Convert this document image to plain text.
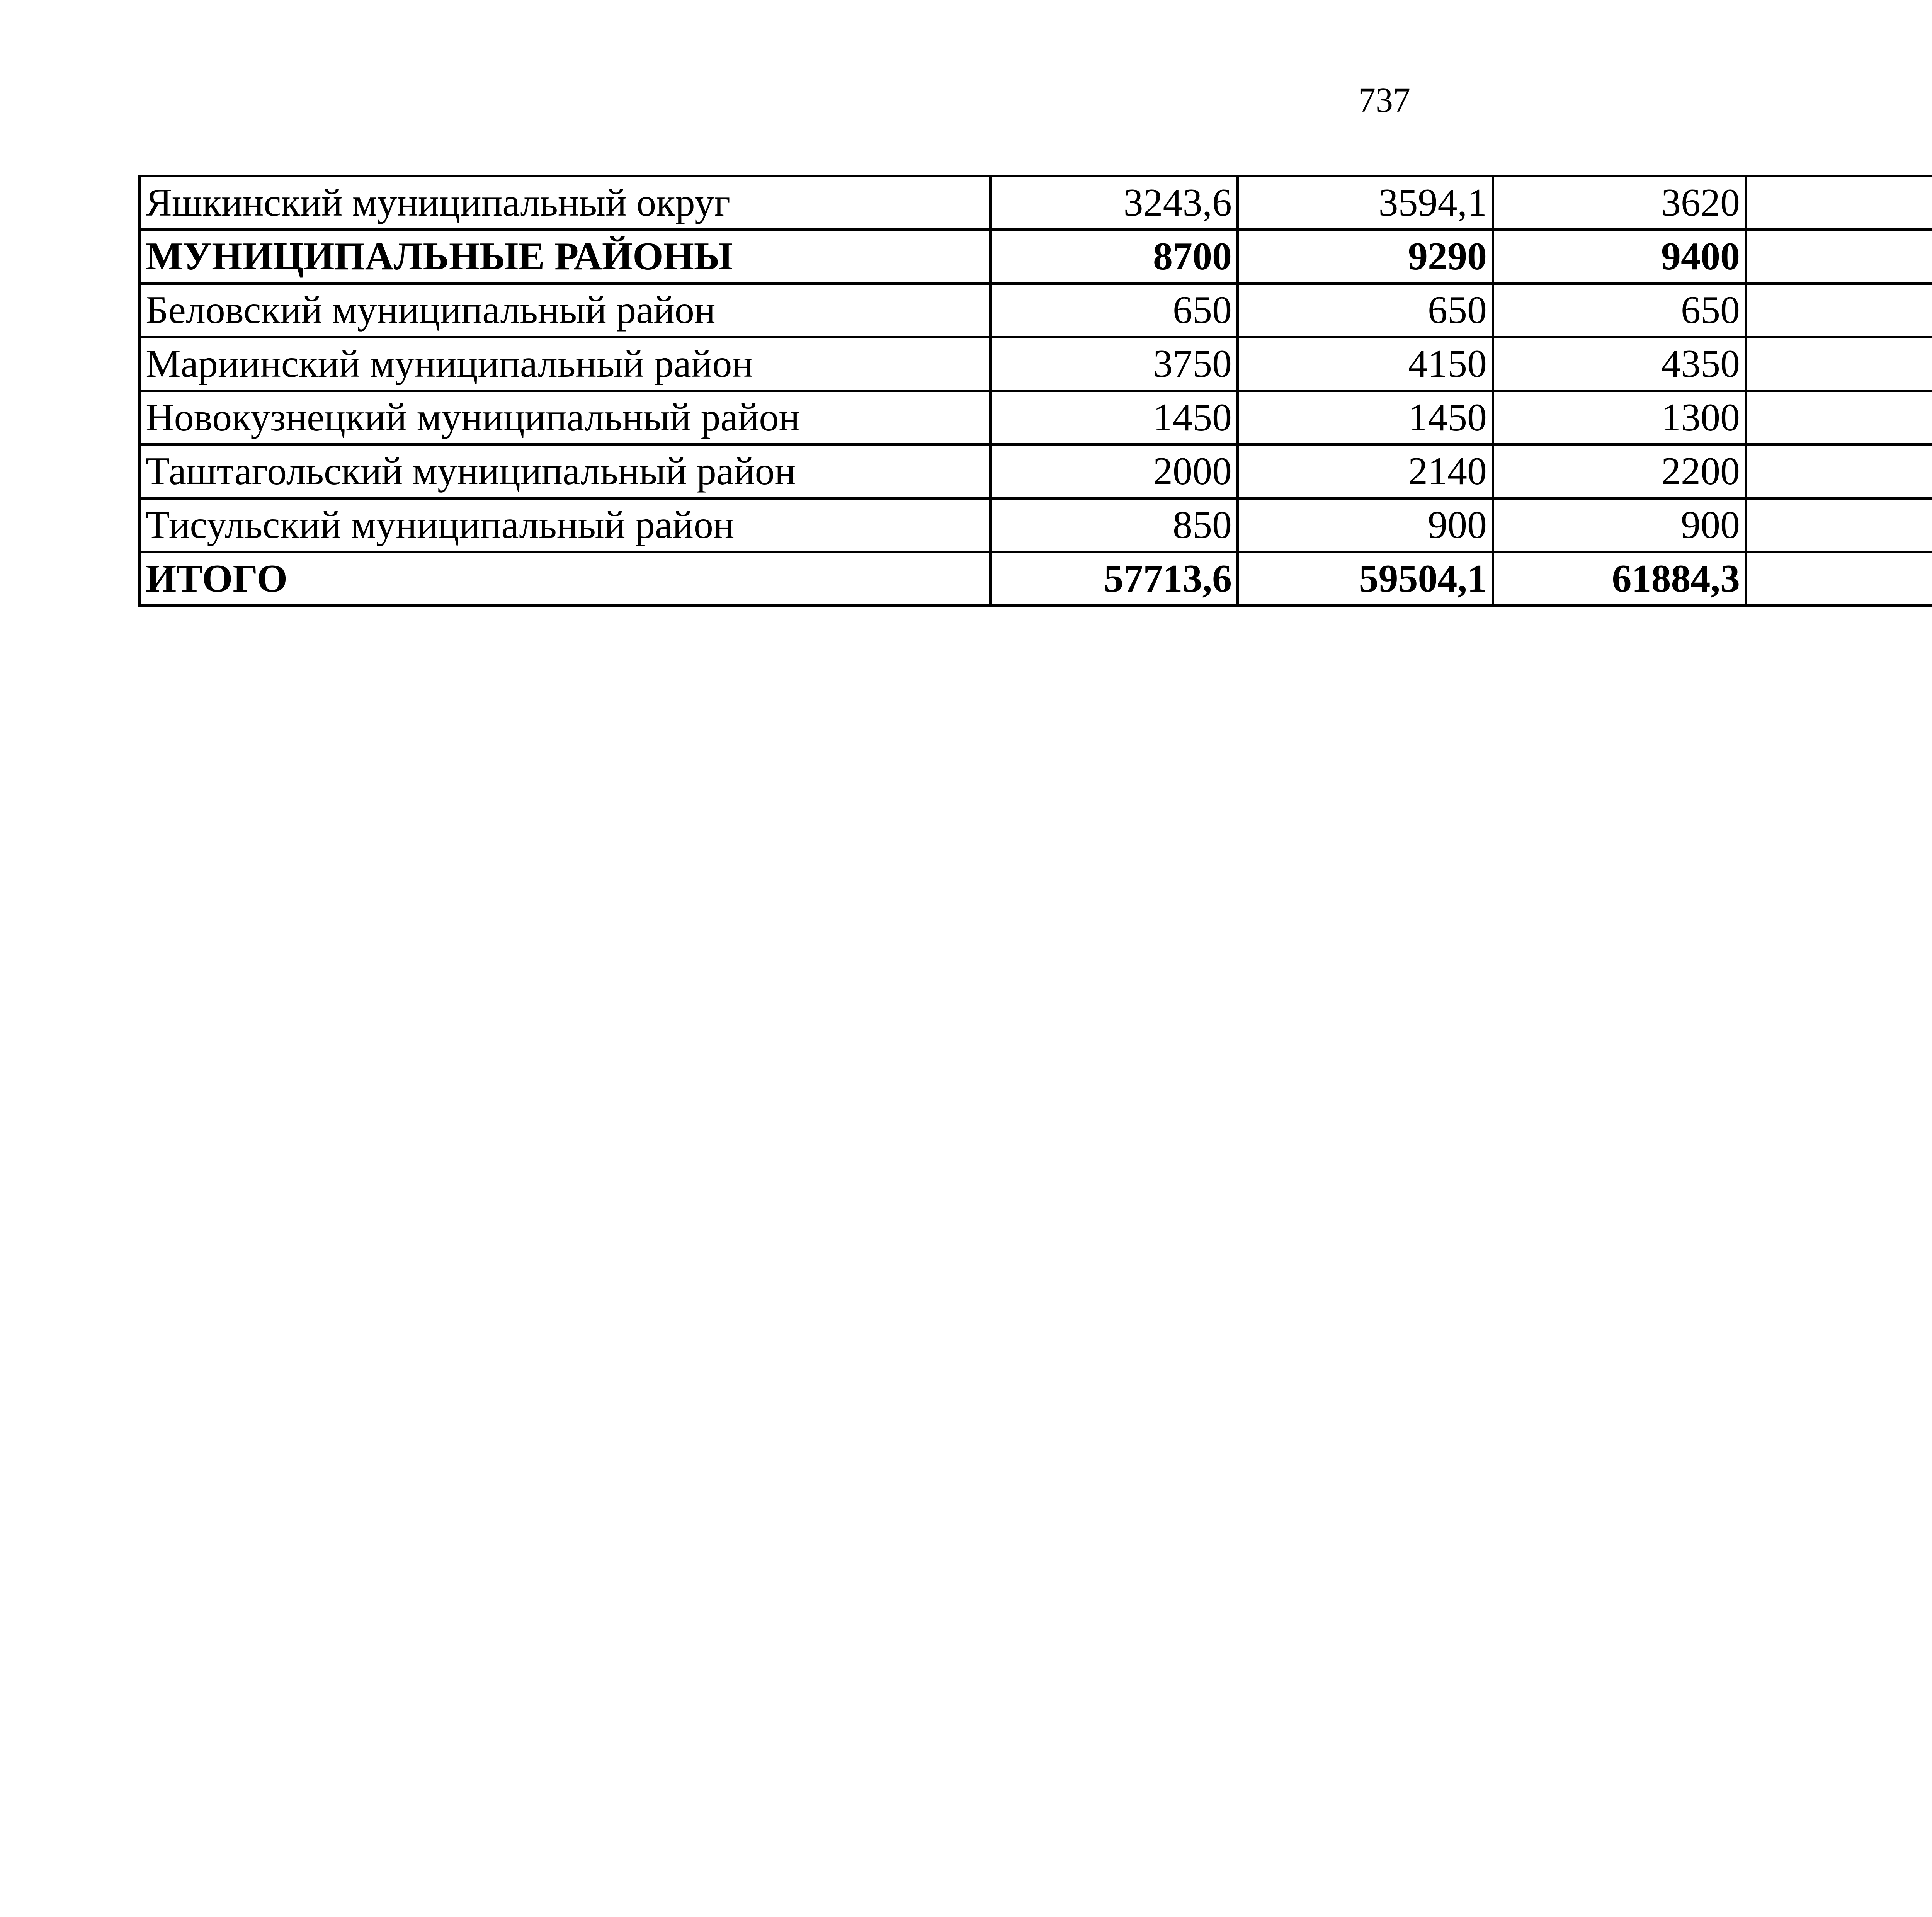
737
Яшкинский муниципальный округ	3243,6	3594,1	3620			
МУНИЦИПАЛЬНЫЕ РАЙОНЫ	8700	9290	9400			
Беловский муниципальный район	650	650	650			
Мариинский муниципальный район	3750	4150	4350			
Новокузнецкий муниципальный район	1450	1450	1300			
Таштагольский муниципальный район	2000	2140	2200			
Тисульский муниципальный район	850	900	900			
ИТОГО	57713,6	59504,1	61884,3			
